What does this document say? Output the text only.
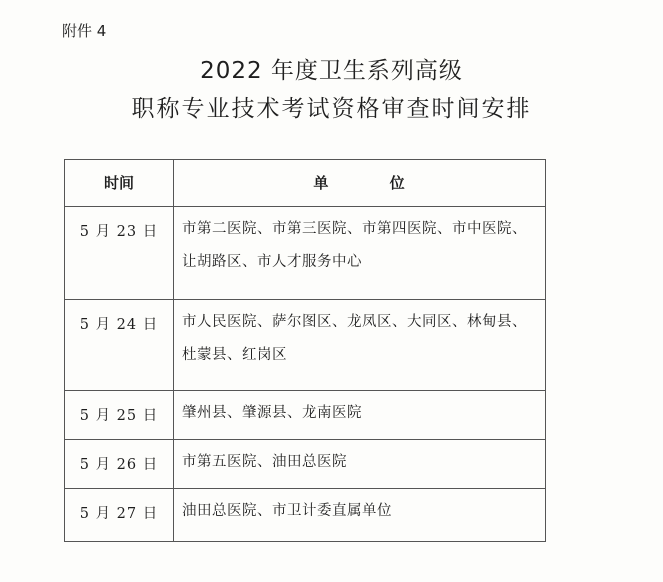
附件 4
2022 年度卫生系列高级
职称专业技术考试资格审查时间安排
时间	单 位
5 月 23 日	市第二医院、市第三医院、市第四医院、市中医院、让胡路区、市人才服务中心
5 月 24 日	市人民医院、萨尔图区、龙凤区、大同区、林甸县、杜蒙县、红岗区
5 月 25 日	肇州县、肇源县、龙南医院
5 月 26 日	市第五医院、油田总医院
5 月 27 日	油田总医院、市卫计委直属单位
